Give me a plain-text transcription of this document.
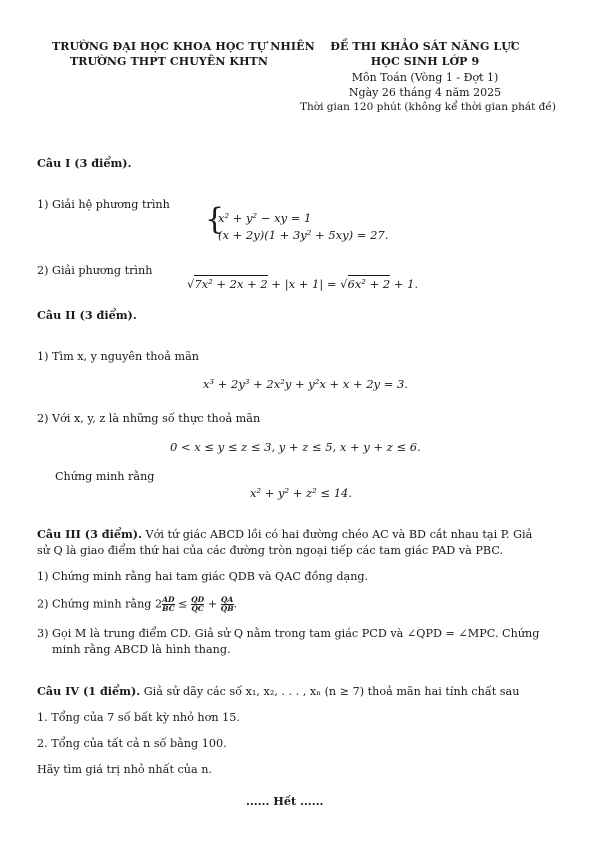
TRƯỜNG ĐẠI HỌC KHOA HỌC TỰ NHIÊN
TRƯỜNG THPT CHUYÊN KHTN
ĐỀ THI KHẢO SÁT NĂNG LỰC
HỌC SINH LỚP 9
Môn Toán (Vòng 1 - Đợt 1)
Ngày 26 tháng 4 năm 2025
Thời gian 120 phút (không kể thời gian phát đề)
Câu I (3 điểm).
1) Giải hệ phương trình {
x² + y² − xy = 1
(x + 2y)(1 + 3y² + 5xy) = 27.
2) Giải phương trình
√7x² + 2x + 2 + |x + 1| = √6x² + 2 + 1.
Câu II (3 điểm).
1) Tìm x, y nguyên thoả mãn
x³ + 2y³ + 2x²y + y²x + x + 2y = 3.
2) Với x, y, z là những số thực thoả mãn
0 < x ≤ y ≤ z ≤ 3, y + z ≤ 5, x + y + z ≤ 6.
Chứng minh rằng
x² + y² + z² ≤ 14.
Câu III (3 điểm). Với tứ giác ABCD lồi có hai đường chéo AC và BD cắt nhau tại P. Giả
sử Q là giao điểm thứ hai của các đường tròn ngoại tiếp các tam giác PAD và PBC.
1) Chứng minh rằng hai tam giác QDB và QAC đồng dạng.
2) Chứng minh rằng $2 \frac{AD}{BC} \le \frac{QD}{QC} + \frac{QA}{QB}$ .
3) Gọi M là trung điểm CD. Giả sử Q nằm trong tam giác PCD và ∠QPD = ∠MPC. Chứng
minh rằng ABCD là hình thang.
Câu IV (1 điểm). Giả sử dãy các số x₁, x₂, . . . , xₙ (n ≥ 7) thoả mãn hai tính chất sau
1. Tổng của 7 số bất kỳ nhỏ hơn 15.
2. Tổng của tất cả n số bằng 100.
Hãy tìm giá trị nhỏ nhất của n.
...... Hết ......
